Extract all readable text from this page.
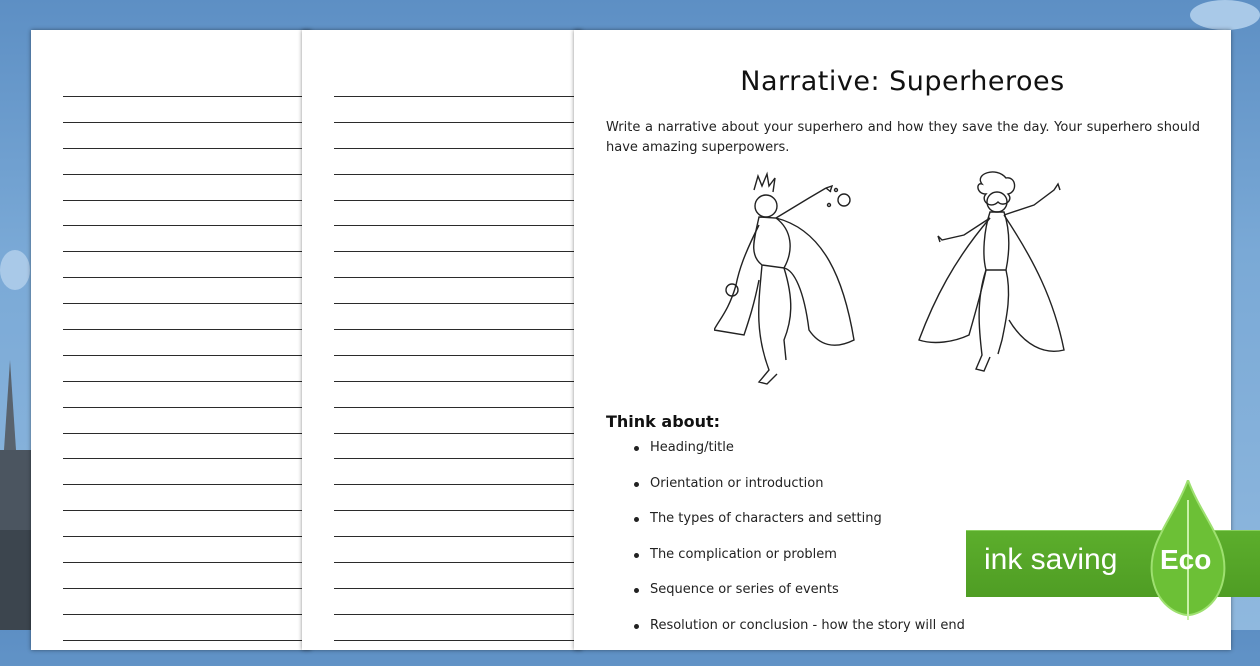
Narrative: Superheroes
Write a narrative about your superhero and how they save the day. Your superhero should have amazing superpowers.
Think about:
Heading/title
Orientation or introduction
The types of characters and setting
The complication or problem
Sequence or series of events
Resolution or conclusion - how the story will end
ink saving Eco
